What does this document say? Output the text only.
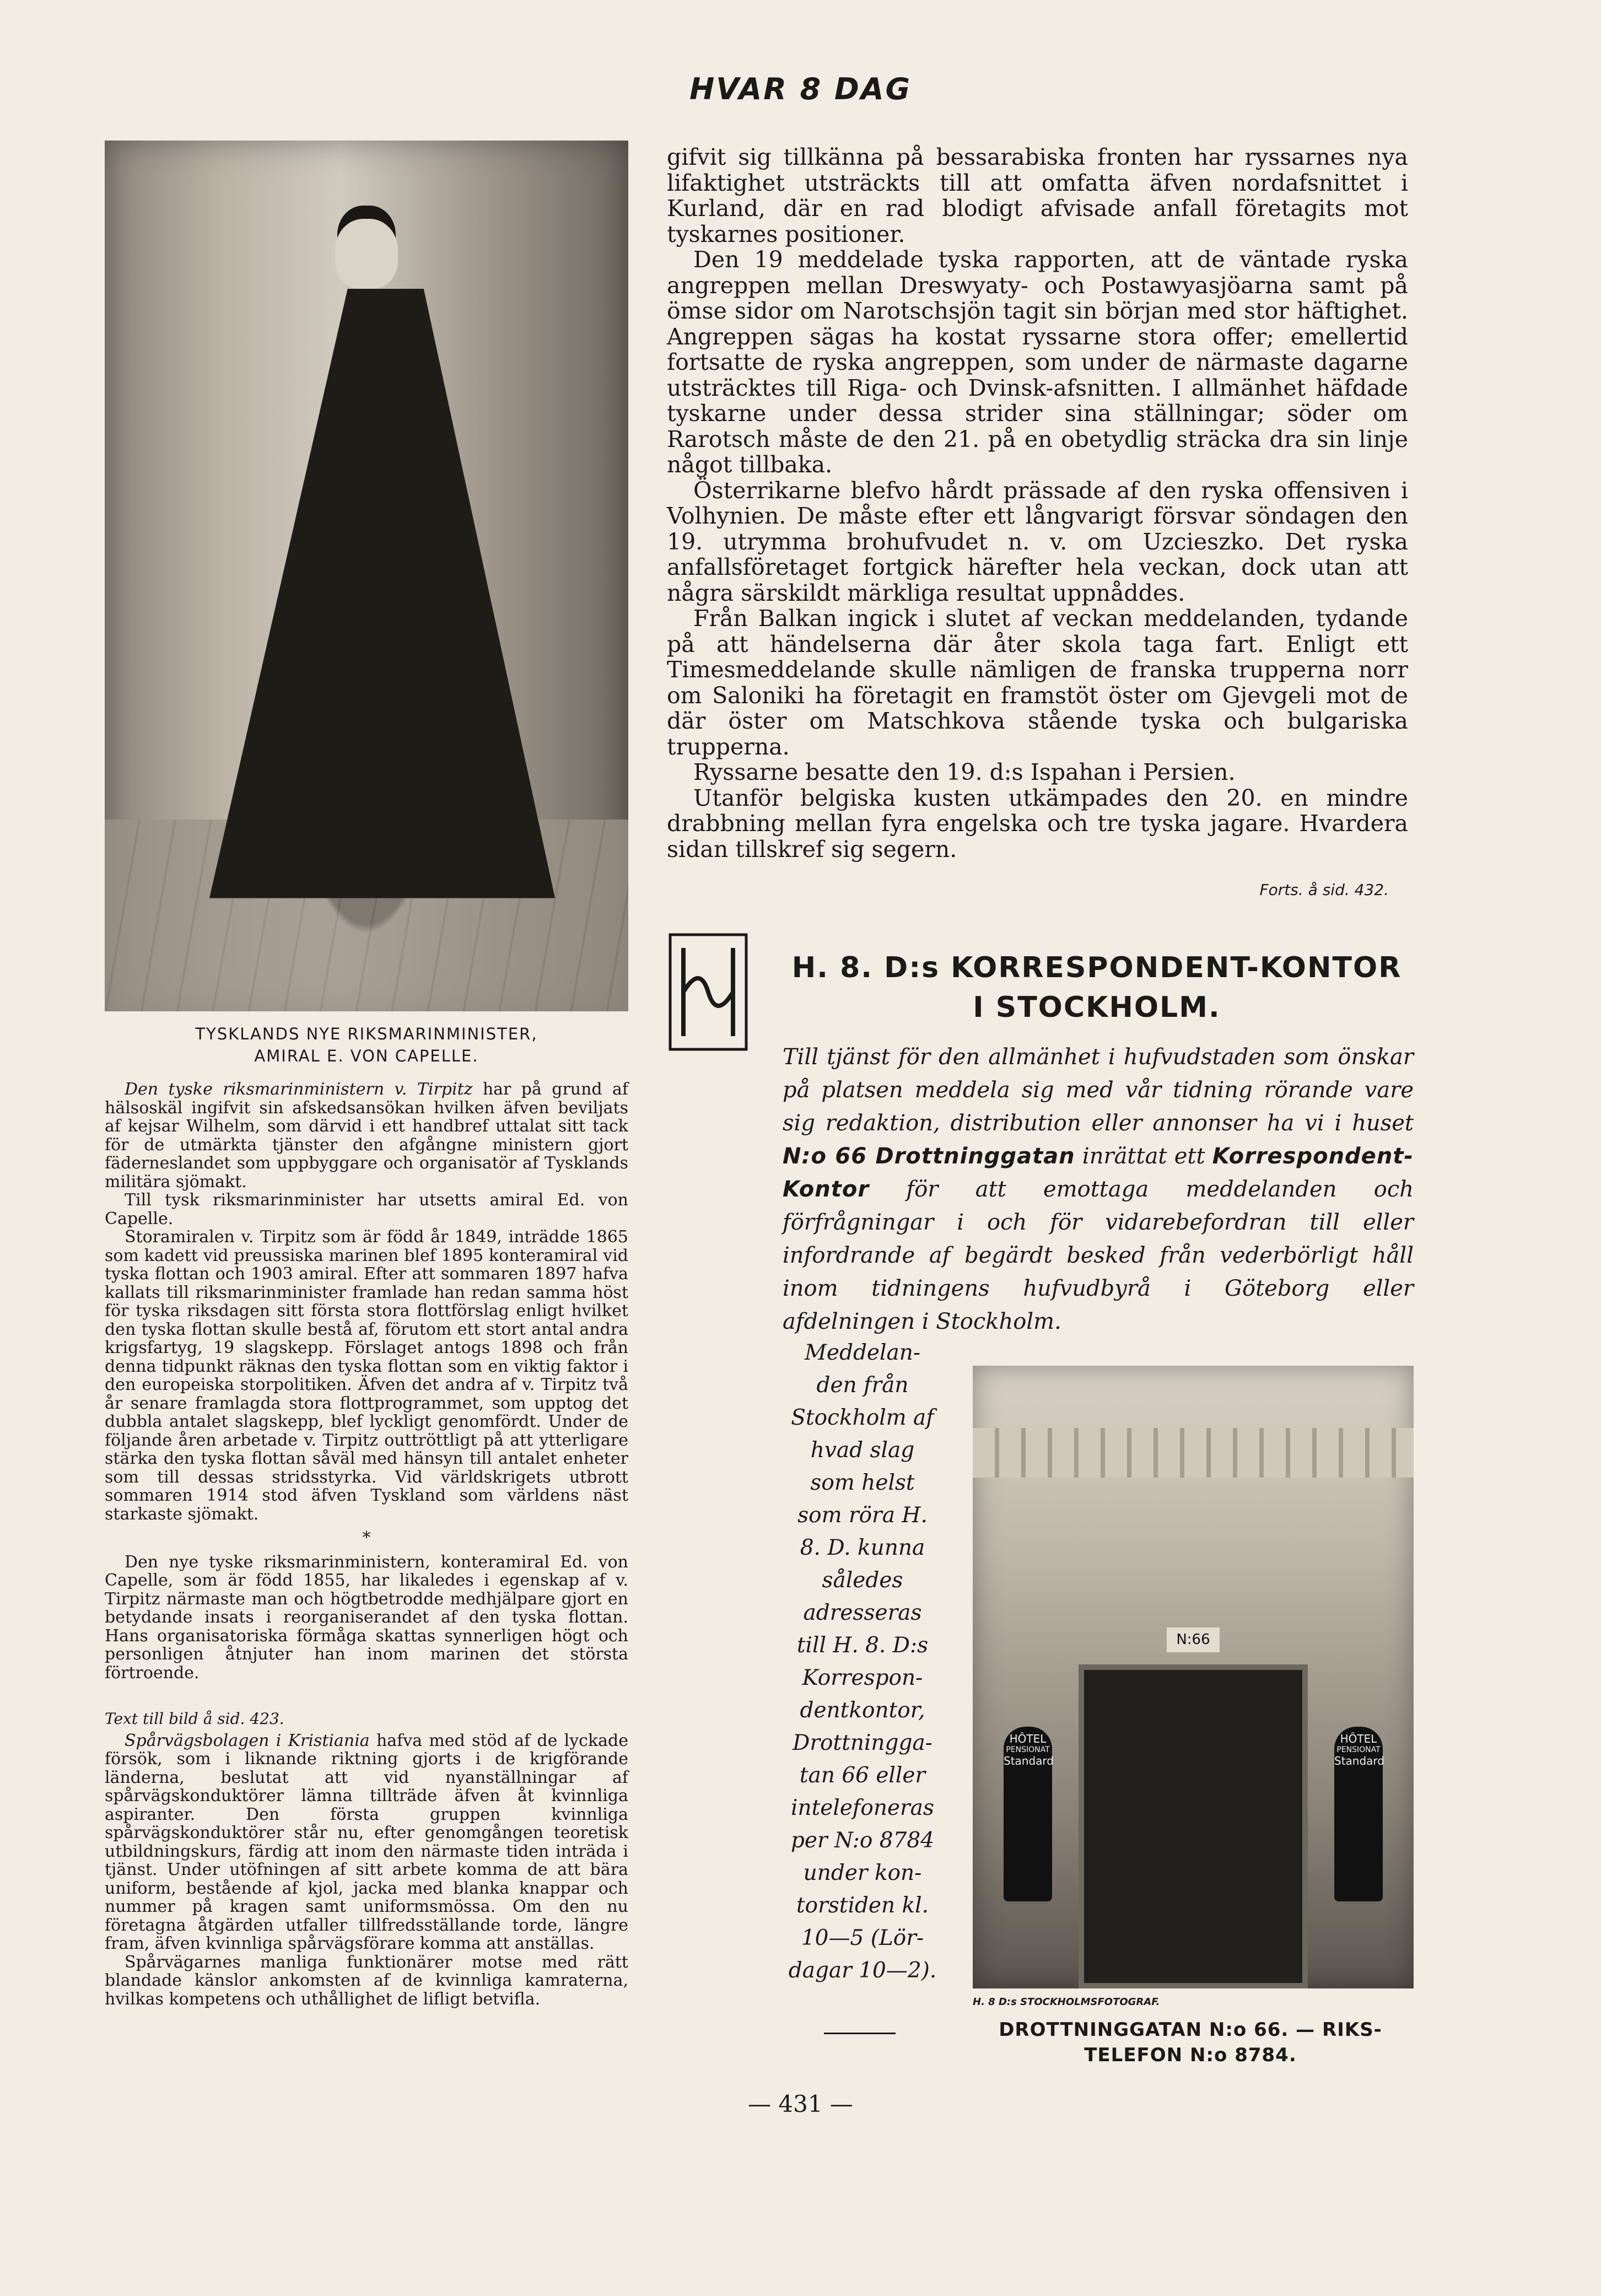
HVAR 8 DAG
TYSKLANDS NYE RIKSMARINMINISTER,
AMIRAL E. VON CAPELLE.

Den tyske riksmarinministern v. Tirpitz har på grund af hälsoskäl ingifvit sin afskedsansökan hvilken äfven beviljats af kejsar Wilhelm, som därvid i ett handbref uttalat sitt tack för de utmärkta tjänster den afgångne ministern gjort fäderneslandet som uppbyggare och organisatör af Tysklands militära sjömakt.

Till tysk riksmarinminister har utsetts amiral Ed. von Capelle.

Storamiralen v. Tirpitz som är född år 1849, inträdde 1865 som kadett vid preussiska marinen blef 1895 konteramiral vid tyska flottan och 1903 amiral. Efter att sommaren 1897 hafva kallats till riksmarinminister framlade han redan samma höst för tyska riksdagen sitt första stora flottförslag enligt hvilket den tyska flottan skulle bestå af, förutom ett stort antal andra krigsfartyg, 19 slagskepp. Förslaget antogs 1898 och från denna tidpunkt räknas den tyska flottan som en viktig faktor i den europeiska storpolitiken. Äfven det andra af v. Tirpitz två år senare framlagda stora flottprogrammet, som upptog det dubbla antalet slagskepp, blef lyckligt genomfördt. Under de följande åren arbetade v. Tirpitz outtröttligt på att ytterligare stärka den tyska flottan såväl med hänsyn till antalet enheter som till dessas stridsstyrka. Vid världskrigets utbrott sommaren 1914 stod äfven Tyskland som världens näst starkaste sjömakt.

*

Den nye tyske riksmarinministern, konteramiral Ed. von Capelle, som är född 1855, har likaledes i egenskap af v. Tirpitz närmaste man och högtbetrodde medhjälpare gjort en betydande insats i reorganiserandet af den tyska flottan. Hans organisatoriska förmåga skattas synnerligen högt och personligen åtnjuter han inom marinen det största förtroende.

Text till bild å sid. 423.

Spårvägsbolagen i Kristiania hafva med stöd af de lyckade försök, som i liknande riktning gjorts i de krigförande länderna, beslutat att vid nyanställningar af spårvägskonduktörer lämna tillträde äfven åt kvinnliga aspiranter. Den första gruppen kvinnliga spårvägskonduktörer står nu, efter genomgången teoretisk utbildningskurs, färdig att inom den närmaste tiden inträda i tjänst. Under utöfningen af sitt arbete komma de att bära uniform, bestående af kjol, jacka med blanka knappar och nummer på kragen samt uniformsmössa. Om den nu företagna åtgärden utfaller tillfredsställande torde, längre fram, äfven kvinnliga spårvägsförare komma att anställas.

Spårvägarnes manliga funktionärer motse med rätt blandade känslor ankomsten af de kvinnliga kamraterna, hvilkas kompetens och uthållighet de lifligt betvifla.

gifvit sig tillkänna på bessarabiska fronten har ryssarnes nya lifaktighet utsträckts till att omfatta äfven nordafsnittet i Kurland, där en rad blodigt afvisade anfall företagits mot tyskarnes positioner.

Den 19 meddelade tyska rapporten, att de väntade ryska angreppen mellan Dreswyaty- och Postawyasjöarna samt på ömse sidor om Narotschsjön tagit sin början med stor häftighet. Angreppen sägas ha kostat ryssarne stora offer; emellertid fortsatte de ryska angreppen, som under de närmaste dagarne utsträcktes till Riga- och Dvinsk-afsnitten. I allmänhet häfdade tyskarne under dessa strider sina ställningar; söder om Rarotsch måste de den 21. på en obetydlig sträcka dra sin linje något tillbaka.

Österrikarne blefvo hårdt prässade af den ryska offensiven i Volhynien. De måste efter ett långvarigt försvar söndagen den 19. utrymma brohufvudet n. v. om Uzcieszko. Det ryska anfallsföretaget fortgick härefter hela veckan, dock utan att några särskildt märkliga resultat uppnåddes.

Från Balkan ingick i slutet af veckan meddelanden, tydande på att händelserna där åter skola taga fart. Enligt ett Timesmeddelande skulle nämligen de franska trupperna norr om Saloniki ha företagit en framstöt öster om Gjevgeli mot de där öster om Matschkova stående tyska och bulgariska trupperna.

Ryssarne besatte den 19. d:s Ispahan i Persien.

Utanför belgiska kusten utkämpades den 20. en mindre drabbning mellan fyra engelska och tre tyska jagare. Hvardera sidan tillskref sig segern.

Forts. å sid. 432.
H. 8. D:s KORRESPONDENT-KONTOR
I STOCKHOLM.
Till tjänst för den allmänhet i hufvudstaden som önskar på platsen meddela sig med vår tidning rörande vare sig redaktion, distribution eller annonser ha vi i huset N:o 66 Drottninggatan inrättat ett Korrespondent-Kontor för att emottaga meddelanden och förfrågningar i och för vidarebefordran till eller infordrande af begärdt besked från vederbörligt håll inom tidningens hufvudbyrå i Göteborg eller afdelningen i Stockholm.
Meddelan-
den från
Stockholm af
hvad slag
som helst
som röra H.
8. D. kunna
således
adresseras
till H. 8. D:s
Korrespon-
dentkontor,
Drottningga-
tan 66 eller
intelefoneras
per N:o 8784
under kon-
torstiden kl.
10—5 (Lör-
dagar 10—2).
N:66
HÔTEL
PENSIONAT
Standard
HÔTEL
PENSIONAT
Standard
H. 8 D:s STOCKHOLMSFOTOGRAF.
DROTTNINGGATAN N:o 66. — RIKS-
TELEFON N:o 8784.
— 431 —
